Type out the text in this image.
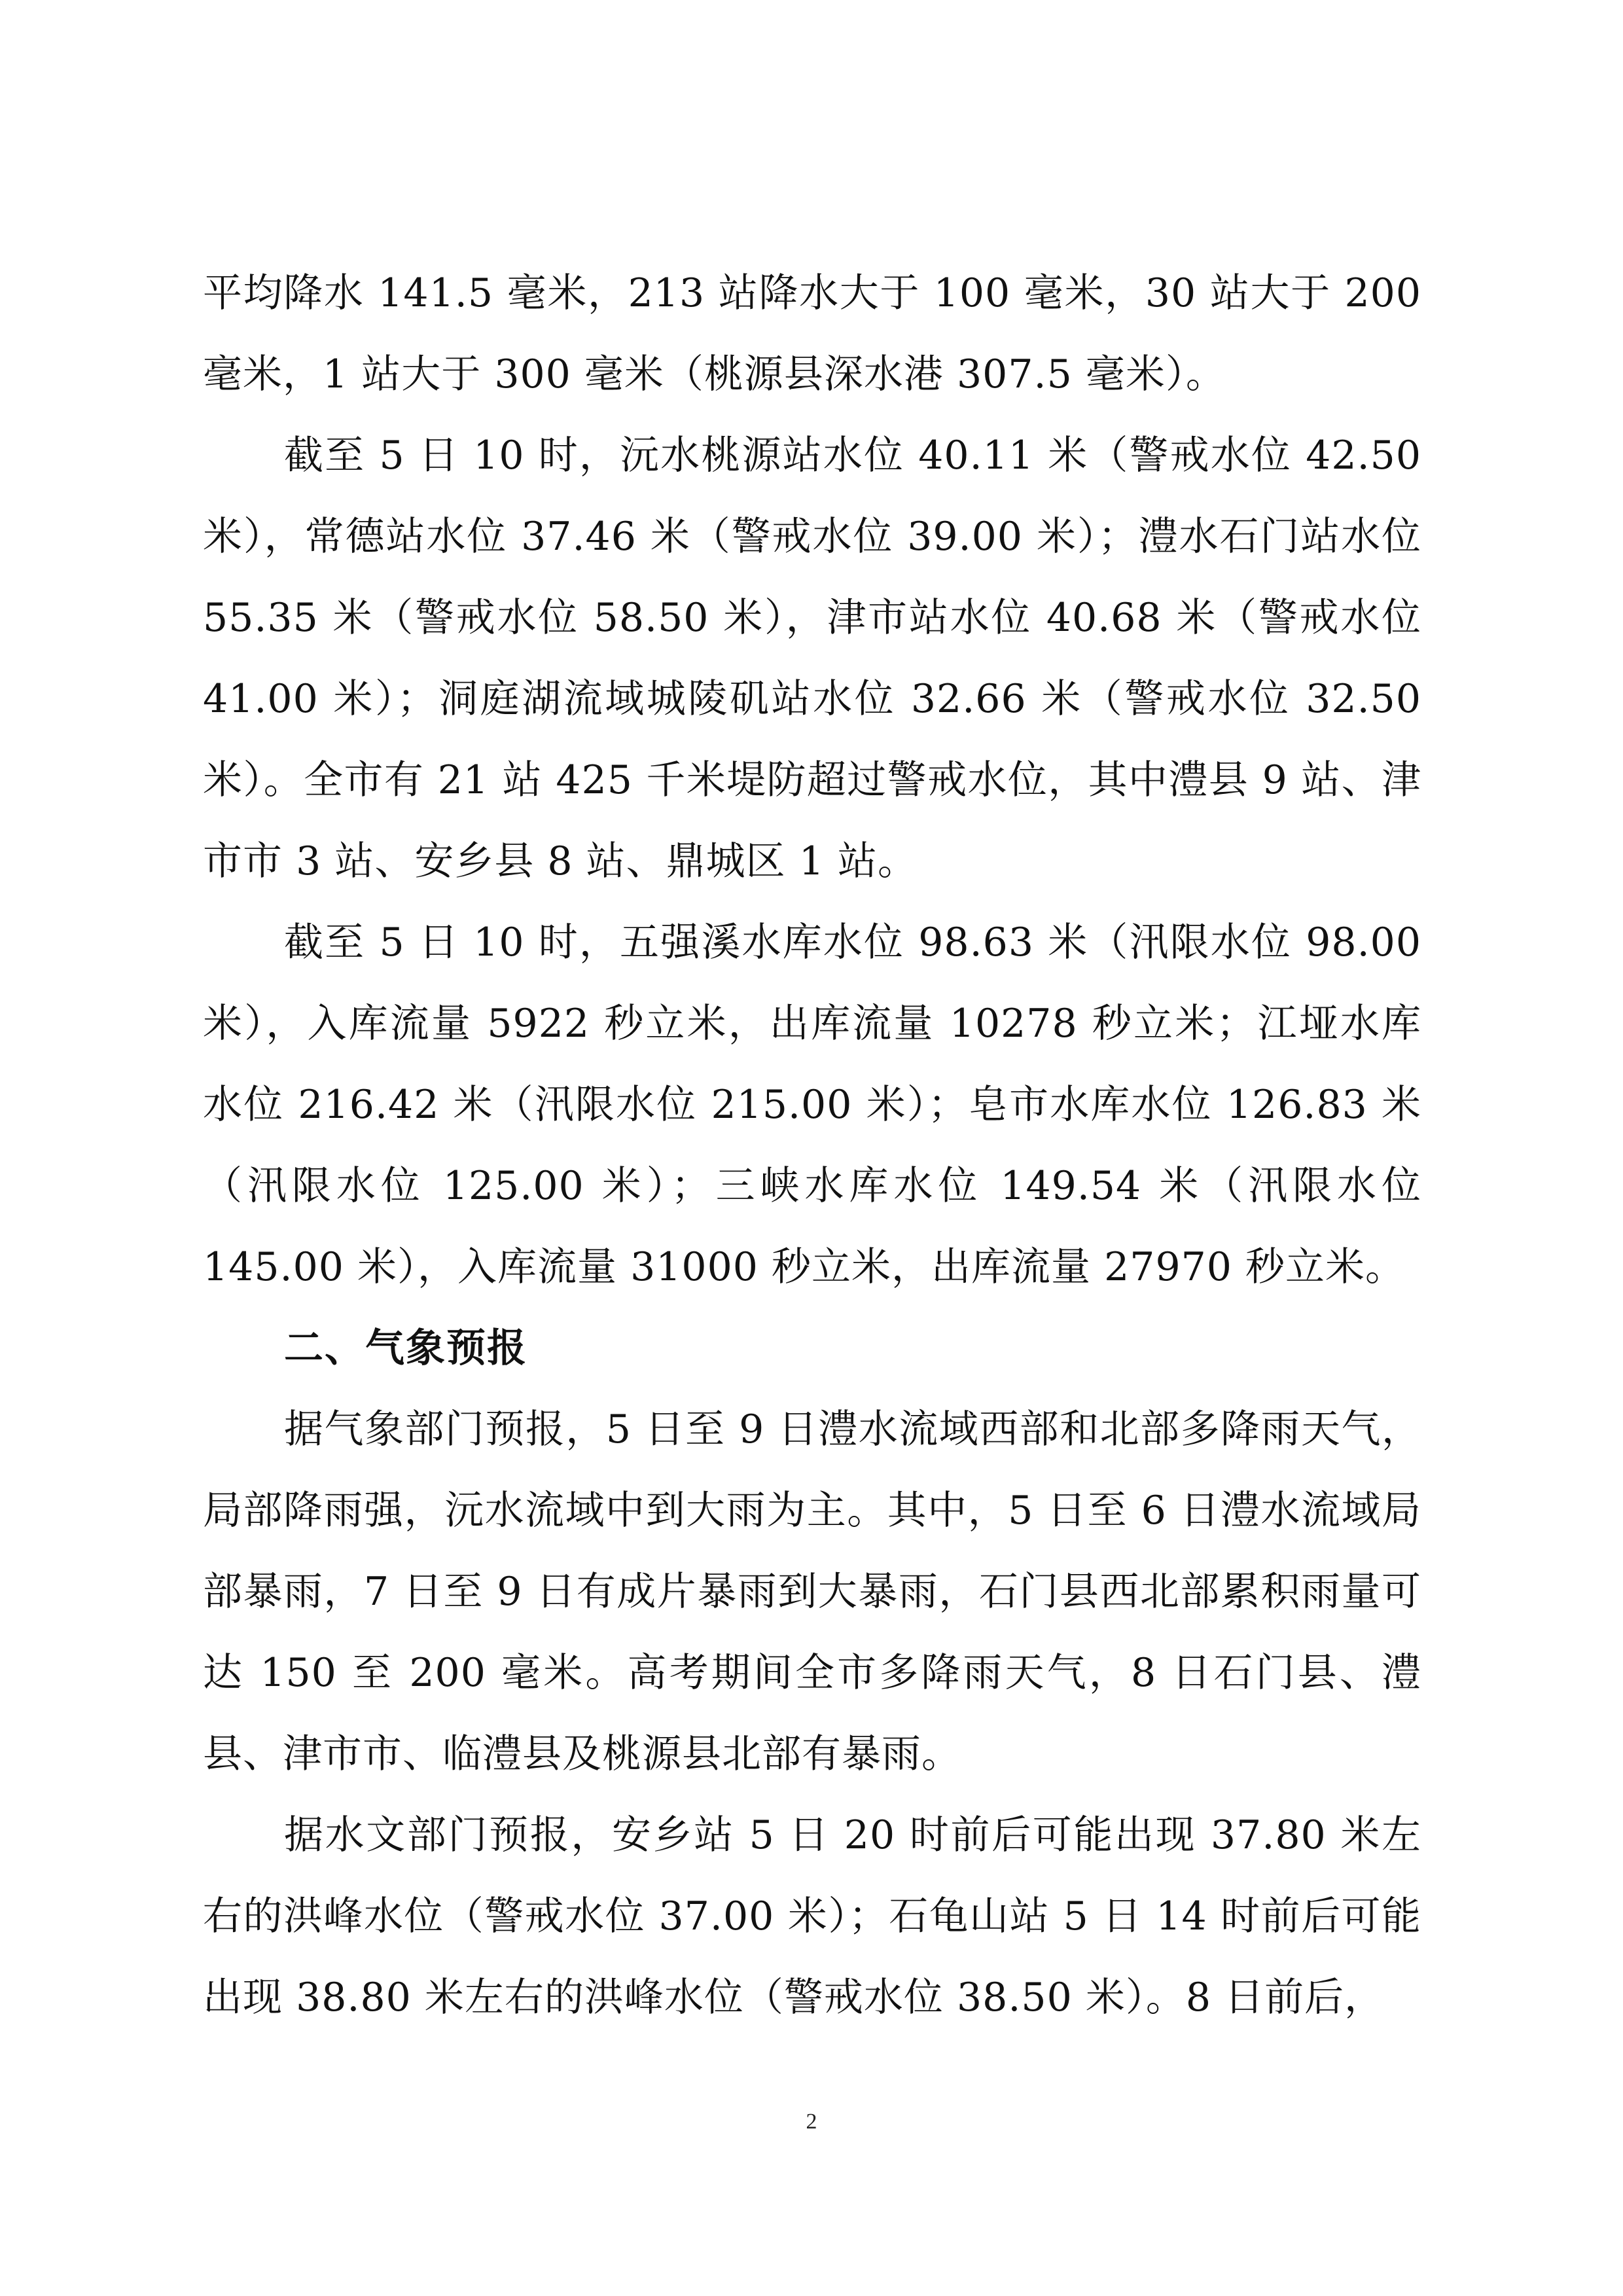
平均降水 141.5 毫米，213 站降水大于 100 毫米，30 站大于 200 毫米，1 站大于 300 毫米（桃源县深水港 307.5 毫米）。

截至 5 日 10 时，沅水桃源站水位 40.11 米（警戒水位 42.50 米），常德站水位 37.46 米（警戒水位 39.00 米）；澧水石门站水位 55.35 米（警戒水位 58.50 米），津市站水位 40.68 米（警戒水位 41.00 米）；洞庭湖流域城陵矶站水位 32.66 米（警戒水位 32.50 米）。全市有 21 站 425 千米堤防超过警戒水位，其中澧县 9 站、津市市 3 站、安乡县 8 站、鼎城区 1 站。

截至 5 日 10 时，五强溪水库水位 98.63 米（汛限水位 98.00 米），入库流量 5922 秒立米，出库流量 10278 秒立米；江垭水库水位 216.42 米（汛限水位 215.00 米）；皂市水库水位 126.83 米（汛限水位 125.00 米）；三峡水库水位 149.54 米（汛限水位 145.00 米），入库流量 31000 秒立米，出库流量 27970 秒立米。

二、气象预报

据气象部门预报，5 日至 9 日澧水流域西部和北部多降雨天气，局部降雨强，沅水流域中到大雨为主。其中，5 日至 6 日澧水流域局部暴雨，7 日至 9 日有成片暴雨到大暴雨，石门县西北部累积雨量可达 150 至 200 毫米。高考期间全市多降雨天气，8 日石门县、澧县、津市市、临澧县及桃源县北部有暴雨。

据水文部门预报，安乡站 5 日 20 时前后可能出现 37.80 米左右的洪峰水位（警戒水位 37.00 米）；石龟山站 5 日 14 时前后可能出现 38.80 米左右的洪峰水位（警戒水位 38.50 米）。8 日前后，

2
